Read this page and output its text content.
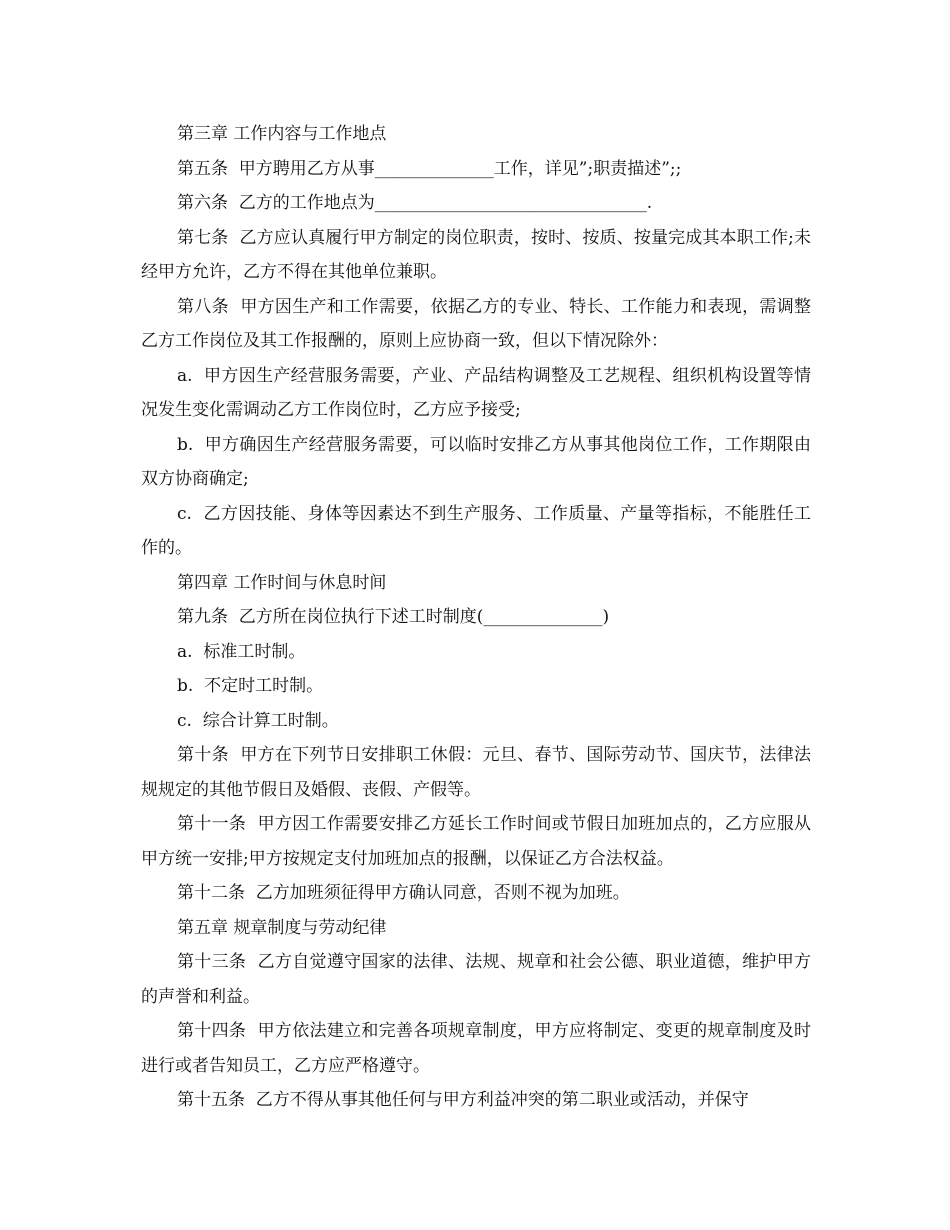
第三章 工作内容与工作地点

第五条  甲方聘用乙方从事______________工作，详见”;职责描述”;;

第六条  乙方的工作地点为________________________________.

第七条  乙方应认真履行甲方制定的岗位职责，按时、按质、按量完成其本职工作;未经甲方允许，乙方不得在其他单位兼职。

第八条  甲方因生产和工作需要，依据乙方的专业、特长、工作能力和表现，需调整乙方工作岗位及其工作报酬的，原则上应协商一致，但以下情况除外：

a.  甲方因生产经营服务需要，产业、产品结构调整及工艺规程、组织机构设置等情况发生变化需调动乙方工作岗位时，乙方应予接受;

b.  甲方确因生产经营服务需要，可以临时安排乙方从事其他岗位工作，工作期限由双方协商确定;

c.  乙方因技能、身体等因素达不到生产服务、工作质量、产量等指标，不能胜任工作的。

第四章 工作时间与休息时间

第九条  乙方所在岗位执行下述工时制度(______________)

a.  标准工时制。

b.  不定时工时制。

c.  综合计算工时制。

第十条  甲方在下列节日安排职工休假：元旦、春节、国际劳动节、国庆节，法律法规规定的其他节假日及婚假、丧假、产假等。

第十一条  甲方因工作需要安排乙方延长工作时间或节假日加班加点的，乙方应服从甲方统一安排;甲方按规定支付加班加点的报酬，以保证乙方合法权益。

第十二条  乙方加班须征得甲方确认同意，否则不视为加班。

第五章 规章制度与劳动纪律

第十三条  乙方自觉遵守国家的法律、法规、规章和社会公德、职业道德，维护甲方的声誉和利益。

第十四条  甲方依法建立和完善各项规章制度，甲方应将制定、变更的规章制度及时进行或者告知员工，乙方应严格遵守。

第十五条  乙方不得从事其他任何与甲方利益冲突的第二职业或活动，并保守
